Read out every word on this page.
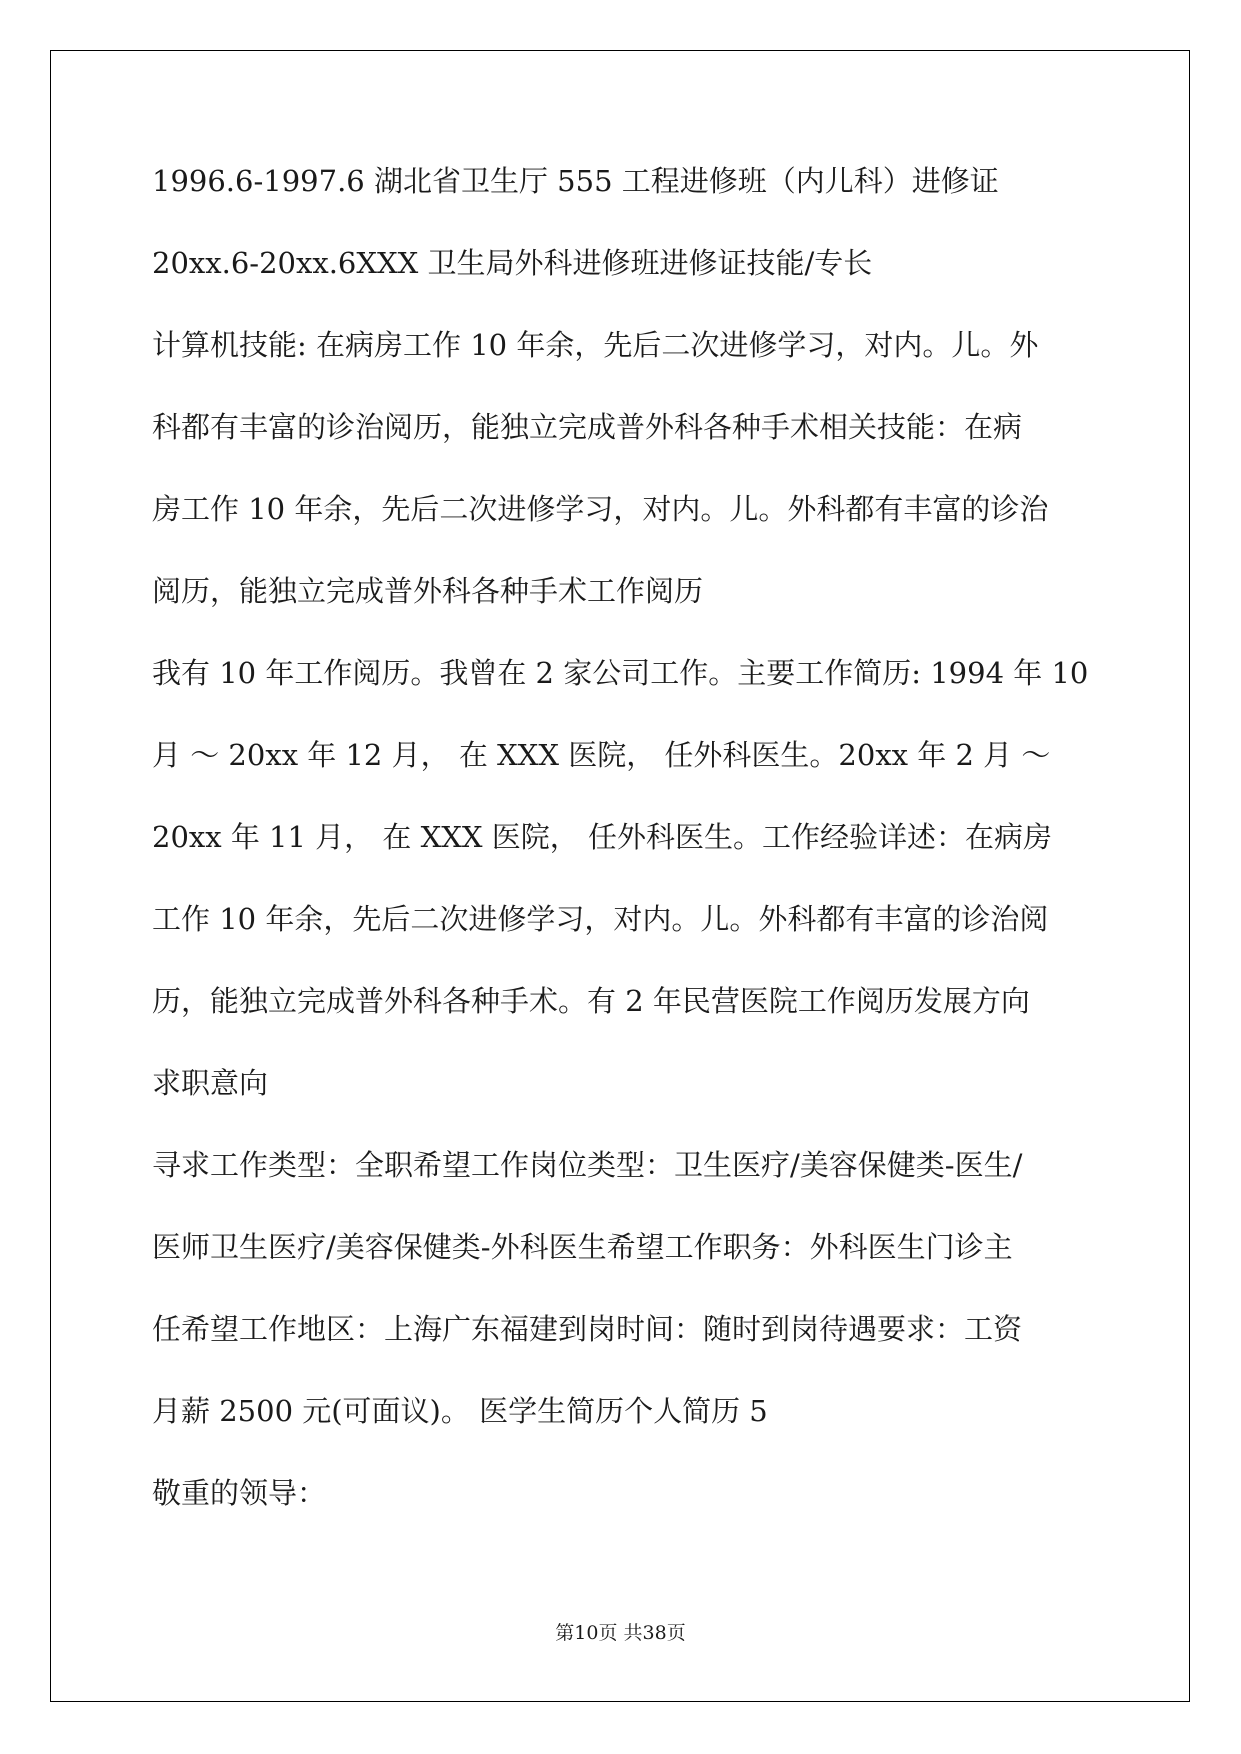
1996.6-1997.6 湖北省卫生厅 555 工程进修班（内儿科）进修证
20xx.6-20xx.6XXX 卫生局外科进修班进修证技能/专长
计算机技能: 在病房工作 10 年余，先后二次进修学习，对内。儿。外
科都有丰富的诊治阅历，能独立完成普外科各种手术相关技能：在病
房工作 10 年余，先后二次进修学习，对内。儿。外科都有丰富的诊治
阅历，能独立完成普外科各种手术工作阅历
我有 10 年工作阅历。我曾在 2 家公司工作。主要工作简历: 1994 年 10
月 ～ 20xx 年 12 月， 在 XXX 医院， 任外科医生。20xx 年 2 月 ～
20xx 年 11 月， 在 XXX 医院， 任外科医生。工作经验详述：在病房
工作 10 年余，先后二次进修学习，对内。儿。外科都有丰富的诊治阅
历，能独立完成普外科各种手术。有 2 年民营医院工作阅历发展方向
求职意向
寻求工作类型：全职希望工作岗位类型：卫生医疗/美容保健类-医生/
医师卫生医疗/美容保健类-外科医生希望工作职务：外科医生门诊主
任希望工作地区：上海广东福建到岗时间：随时到岗待遇要求：工资
月薪 2500 元(可面议)。 医学生简历个人简历 5
敬重的领导：
第10页 共38页
